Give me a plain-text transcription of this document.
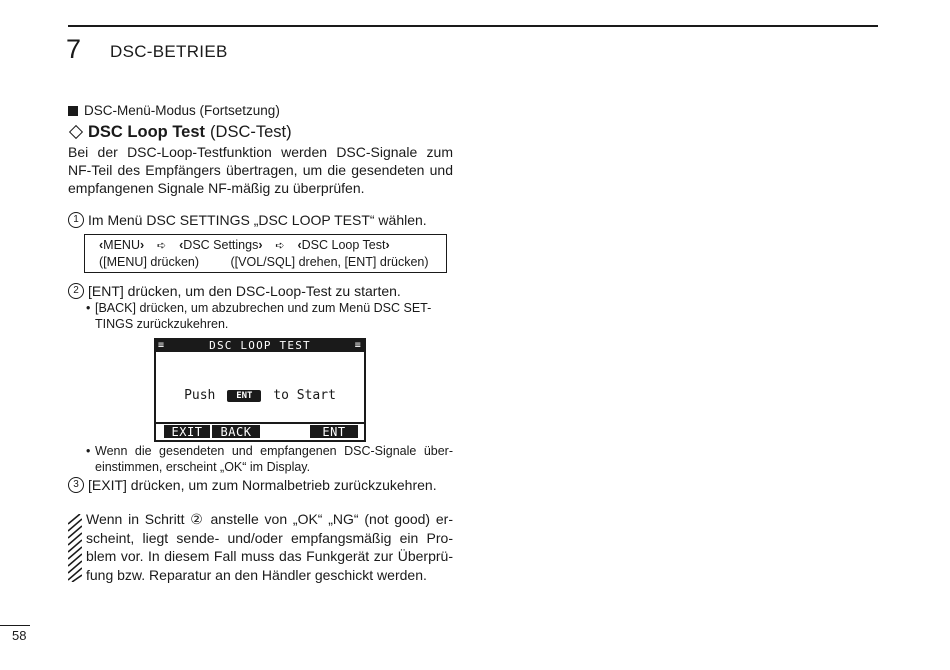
7 DSC-BETRIEB
DSC-Menü-Modus (Fortsetzung)
DSC Loop Test (DSC-Test)

Bei der DSC-Loop-Testfunktion werden DSC-Signale zum
NF-Teil des Empfängers übertragen, um die gesendeten und
empfangenen Signale NF-mäßig zu überprüfen.

1 Im Menü DSC SETTINGS „DSC LOOP TEST“ wählen.
‹MENU› ➪ ‹DSC Settings› ➪ ‹DSC Loop Test›
([MENU] drücken)	([VOL/SQL] drehen, [ENT] drücken)
2 [ENT] drücken, um den DSC-Loop-Test zu starten.
• [BACK] drücken, um abzubrechen und zum Menü DSC SET-
TINGS zurückzukehren.
≡	DSC LOOP TEST	≡
Push ENT to Start
EXIT	BACK	ENT
• Wenn die gesendeten und empfangenen DSC-Signale über-
einstimmen, erscheint „OK“ im Display.
3 [EXIT] drücken, um zum Normalbetrieb zurückzukehren.
Wenn in Schritt ② anstelle von „OK“ „NG“ (not good) er-
scheint, liegt sende- und/oder empfangsmäßig ein Pro-
blem vor. In diesem Fall muss das Funkgerät zur Überprü-
fung bzw. Reparatur an den Händler geschickt werden.
58
